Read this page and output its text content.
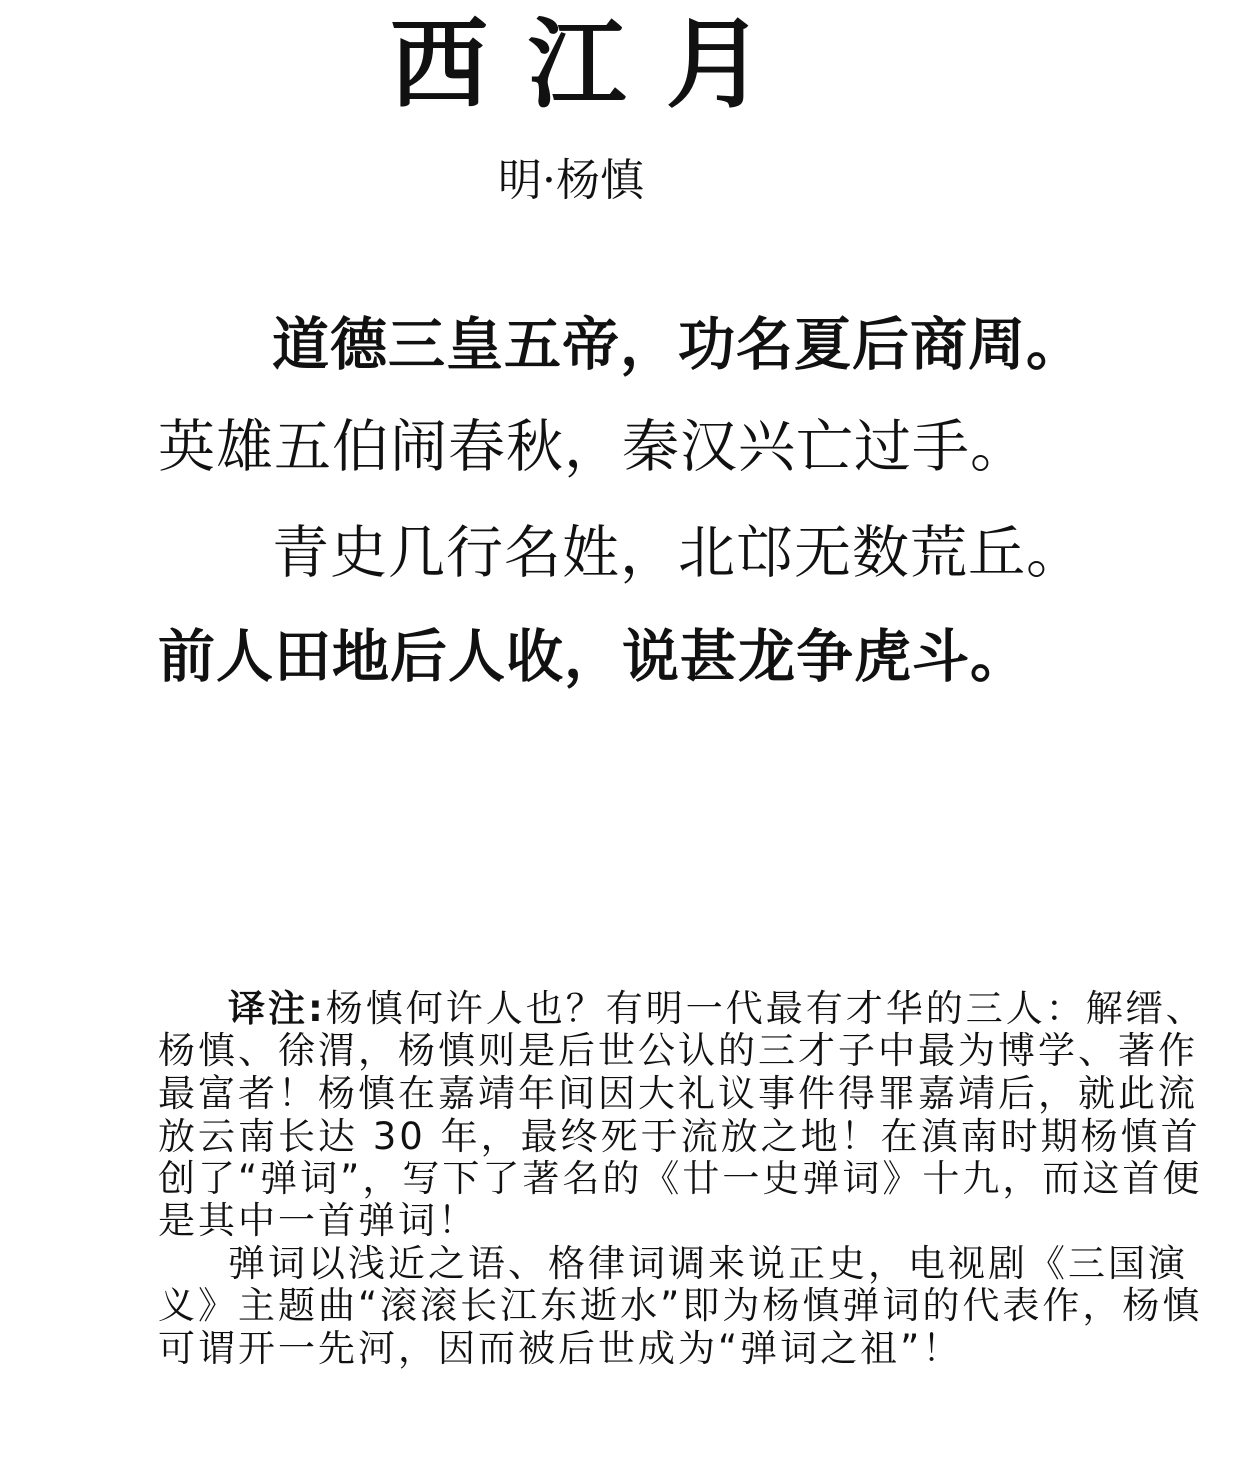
西江月
明·杨慎
道德三皇五帝，功名夏后商周。
英雄五伯闹春秋，秦汉兴亡过手。
青史几行名姓，北邙无数荒丘。
前人田地后人收，说甚龙争虎斗。
译注:杨慎何许人也？有明一代最有才华的三人：解缙、
杨慎、徐渭，杨慎则是后世公认的三才子中最为博学、著作
最富者！杨慎在嘉靖年间因大礼议事件得罪嘉靖后，就此流
放云南长达 30 年，最终死于流放之地！在滇南时期杨慎首
创了“弹词”，写下了著名的《廿一史弹词》十九，而这首便
是其中一首弹词！
弹词以浅近之语、格律词调来说正史，电视剧《三国演
义》主题曲“滚滚长江东逝水”即为杨慎弹词的代表作，杨慎
可谓开一先河，因而被后世成为“弹词之祖”！
